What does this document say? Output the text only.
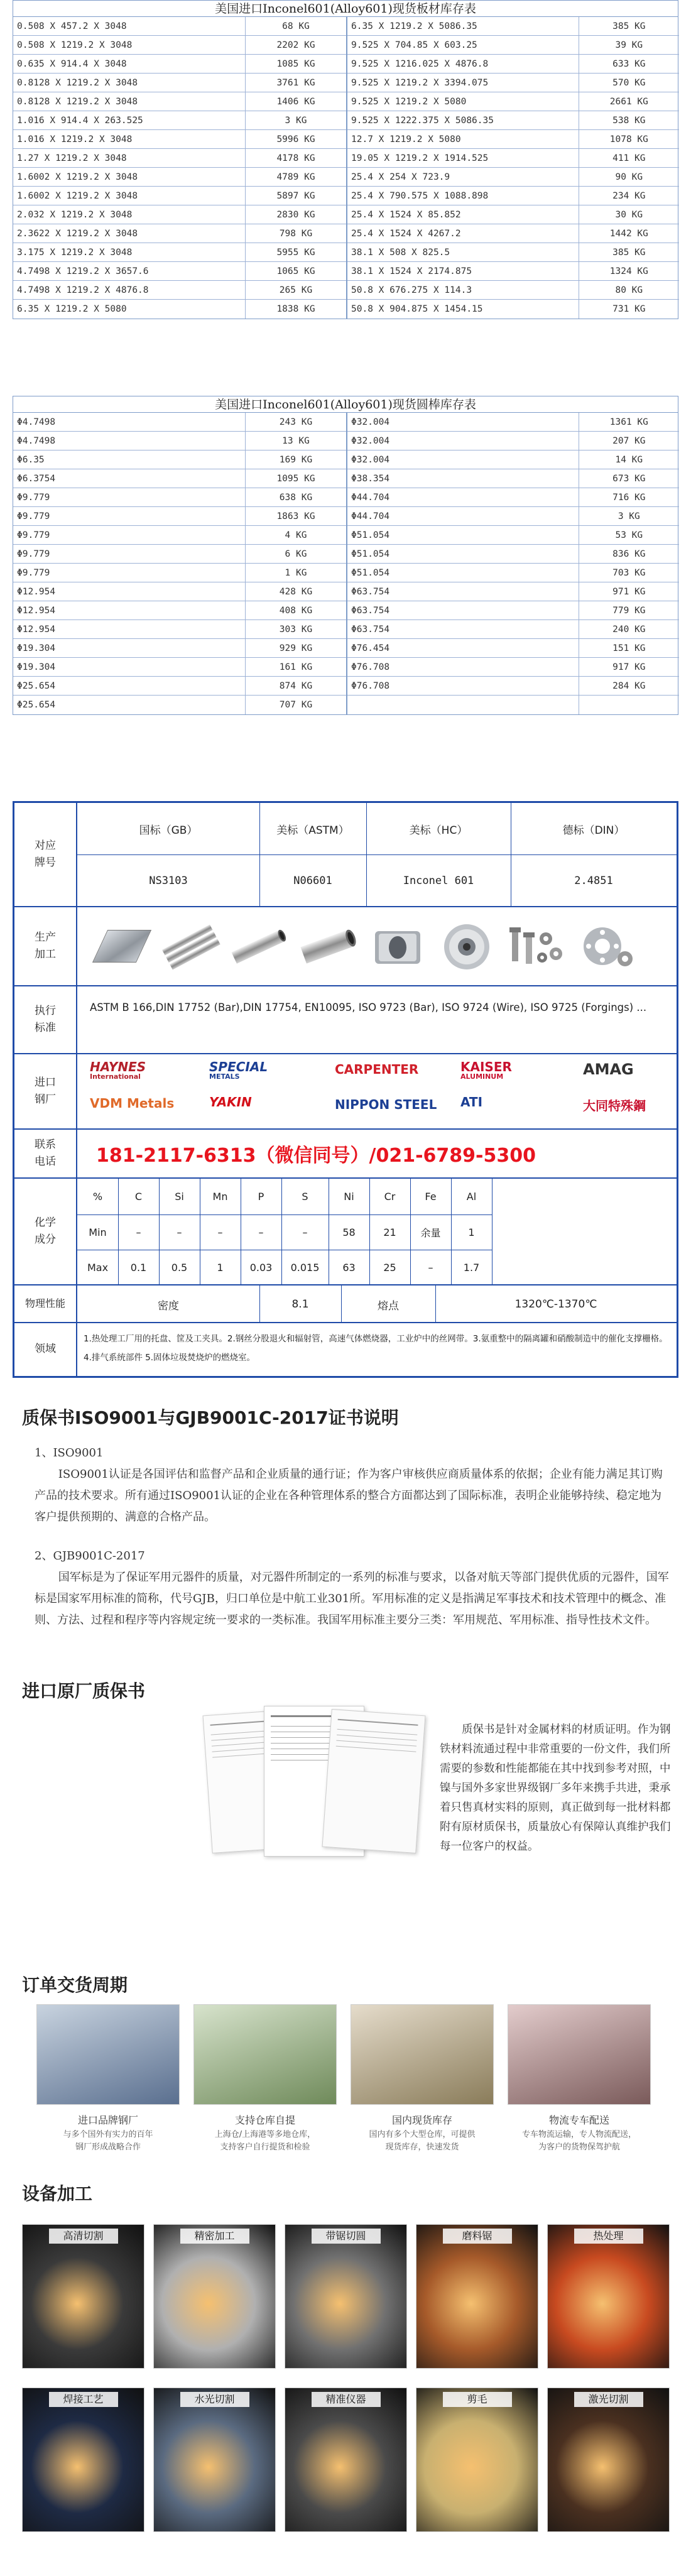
美国进口Inconel601(Alloy601)现货板材库存表
0.508 X 457.2 X 3048	68 KG
0.508 X 1219.2 X 3048	2202 KG
0.635 X 914.4 X 3048	1085 KG
0.8128 X 1219.2 X 3048	3761 KG
0.8128 X 1219.2 X 3048	1406 KG
1.016 X 914.4 X 263.525	3 KG
1.016 X 1219.2 X 3048	5996 KG
1.27 X 1219.2 X 3048	4178 KG
1.6002 X 1219.2 X 3048	4789 KG
1.6002 X 1219.2 X 3048	5897 KG
2.032 X 1219.2 X 3048	2830 KG
2.3622 X 1219.2 X 3048	798 KG
3.175 X 1219.2 X 3048	5955 KG
4.7498 X 1219.2 X 3657.6	1065 KG
4.7498 X 1219.2 X 4876.8	265 KG
6.35 X 1219.2 X 5080	1838 KG
6.35 X 1219.2 X 5086.35	385 KG
9.525 X 704.85 X 603.25	39 KG
9.525 X 1216.025 X 4876.8	633 KG
9.525 X 1219.2 X 3394.075	570 KG
9.525 X 1219.2 X 5080	2661 KG
9.525 X 1222.375 X 5086.35	538 KG
12.7 X 1219.2 X 5080	1078 KG
19.05 X 1219.2 X 1914.525	411 KG
25.4 X 254 X 723.9	90 KG
25.4 X 790.575 X 1088.898	234 KG
25.4 X 1524 X 85.852	30 KG
25.4 X 1524 X 4267.2	1442 KG
38.1 X 508 X 825.5	385 KG
38.1 X 1524 X 2174.875	1324 KG
50.8 X 676.275 X 114.3	80 KG
50.8 X 904.875 X 1454.15	731 KG
美国进口Inconel601(Alloy601)现货圆棒库存表
Φ4.7498	243 KG
Φ4.7498	13 KG
Φ6.35	169 KG
Φ6.3754	1095 KG
Φ9.779	638 KG
Φ9.779	1863 KG
Φ9.779	4 KG
Φ9.779	6 KG
Φ9.779	1 KG
Φ12.954	428 KG
Φ12.954	408 KG
Φ12.954	303 KG
Φ19.304	929 KG
Φ19.304	161 KG
Φ25.654	874 KG
Φ25.654	707 KG
Φ32.004	1361 KG
Φ32.004	207 KG
Φ32.004	14 KG
Φ38.354	673 KG
Φ44.704	716 KG
Φ44.704	3 KG
Φ51.054	53 KG
Φ51.054	836 KG
Φ51.054	703 KG
Φ63.754	971 KG
Φ63.754	779 KG
Φ63.754	240 KG
Φ76.454	151 KG
Φ76.708	917 KG
Φ76.708	284 KG
对应
牌号
国标（GB）	美标（ASTM）	美标（HC）	德标（DIN）
NS3103	N06601	Inconel 601	2.4851
生产
加工
执行
标准
ASTM B 166,DIN 17752 (Bar),DIN 17754, EN10095, ISO 9723 (Bar), ISO 9724 (Wire), ISO 9725 (Forgings) ...
进口
钢厂
HAYNES
International
SPECIAL
METALS	CARPENTER	KAISER
ALUMINUM	AMAG
VDM Metals	YAKIN	NIPPON STEEL ATI	大同特殊鋼
联系
电话	181-2117-6313（微信同号）/021-6789-5300
化学
成分
%	C	Si	Mn	P	S	Ni	Cr	Fe	Al
Min	–	–	–	–	–	58	21	余量	1
Max	0.1	0.5	1	0.03	0.015	63	25	–	1.7
物理性能	密度	8.1	熔点	1320℃-1370℃
领域
1.热处理工厂用的托盘、筐及工夹具。2.钢丝分股退火和辐射管，高速气体燃烧器，工业炉中的丝网带。3.氨重整中的隔离罐和硝酸制造中的催化支撑栅格。4.排气系统部件 5.固体垃圾焚烧炉的燃烧室。
质保书ISO9001与GJB9001C-2017证书说明
1、ISO9001
ISO9001认证是各国评估和监督产品和企业质量的通行证；作为客户审核供应商质量体系的依据；企业有能力满足其订购产品的技术要求。所有通过ISO9001认证的企业在各种管理体系的整合方面都达到了国际标准，表明企业能够持续、稳定地为客户提供预期的、满意的合格产品。
2、GJB9001C-2017
国军标是为了保证军用元器件的质量，对元器件所制定的一系列的标准与要求，以备对航天等部门提供优质的元器件，国军标是国家军用标准的简称，代号GJB，归口单位是中航工业301所。军用标准的定义是指满足军事技术和技术管理中的概念、准则、方法、过程和程序等内容规定统一要求的一类标准。我国军用标准主要分三类：军用规范、军用标准、指导性技术文件。
进口原厂质保书
质保书是针对金属材料的材质证明。作为钢铁材料流通过程中非常重要的一份文件，我们所需要的参数和性能都能在其中找到参考对照，中镍与国外多家世界级钢厂多年来携手共进，秉承着只售真材实料的原则，真正做到每一批材料都附有原材质保书，质量放心有保障认真维护我们每一位客户的权益。
订单交货周期
进口品牌钢厂
与多个国外有实力的百年
钢厂形成战略合作
支持仓库自提
上海仓/上海港等多地仓库，
支持客户自行提货和检验
国内现货库存
国内有多个大型仓库，可提供
现货库存，快速发货
物流专车配送
专车物流运输，专人物流配送，
为客户的货物保驾护航
设备加工
高清切割	精密加工	带锯切圆	磨料锯	热处理
焊接工艺	水光切割	精准仪器	剪毛	激光切割
